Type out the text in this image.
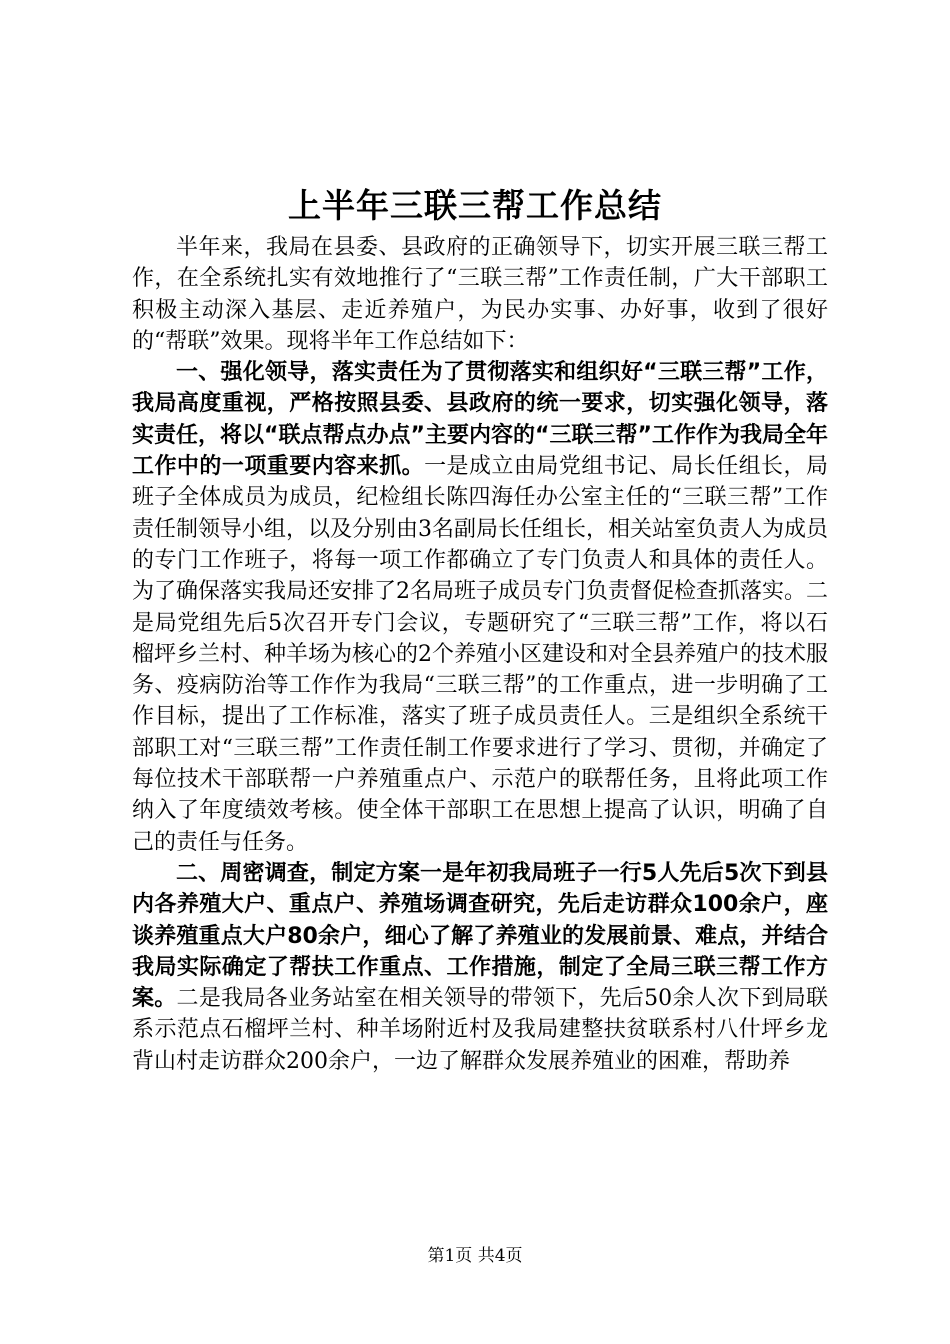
上半年三联三帮工作总结

半年来，我局在县委、县政府的正确领导下，切实开展三联三帮工作，在全系统扎实有效地推行了“三联三帮”工作责任制，广大干部职工积极主动深入基层、走近养殖户，为民办实事、办好事，收到了很好的“帮联”效果。现将半年工作总结如下：

一、强化领导，落实责任为了贯彻落实和组织好“三联三帮”工作，我局高度重视，严格按照县委、县政府的统一要求，切实强化领导，落实责任，将以“联点帮点办点”主要内容的“三联三帮”工作作为我局全年工作中的一项重要内容来抓。一是成立由局党组书记、局长任组长，局班子全体成员为成员，纪检组长陈四海任办公室主任的“三联三帮”工作责任制领导小组，以及分别由3名副局长任组长，相关站室负责人为成员的专门工作班子，将每一项工作都确立了专门负责人和具体的责任人。为了确保落实我局还安排了2名局班子成员专门负责督促检查抓落实。二是局党组先后5次召开专门会议，专题研究了“三联三帮”工作，将以石榴坪乡兰村、种羊场为核心的2个养殖小区建设和对全县养殖户的技术服务、疫病防治等工作作为我局“三联三帮”的工作重点，进一步明确了工作目标，提出了工作标准，落实了班子成员责任人。三是组织全系统干部职工对“三联三帮”工作责任制工作要求进行了学习、贯彻，并确定了每位技术干部联帮一户养殖重点户、示范户的联帮任务，且将此项工作纳入了年度绩效考核。使全体干部职工在思想上提高了认识，明确了自己的责任与任务。

二、周密调查，制定方案一是年初我局班子一行5人先后5次下到县内各养殖大户、重点户、养殖场调查研究，先后走访群众100余户，座谈养殖重点大户80余户，细心了解了养殖业的发展前景、难点，并结合我局实际确定了帮扶工作重点、工作措施，制定了全局三联三帮工作方案。二是我局各业务站室在相关领导的带领下，先后50余人次下到局联系示范点石榴坪兰村、种羊场附近村及我局建整扶贫联系村八什坪乡龙背山村走访群众200余户，一边了解群众发展养殖业的困难，帮助养

第1页 共4页
